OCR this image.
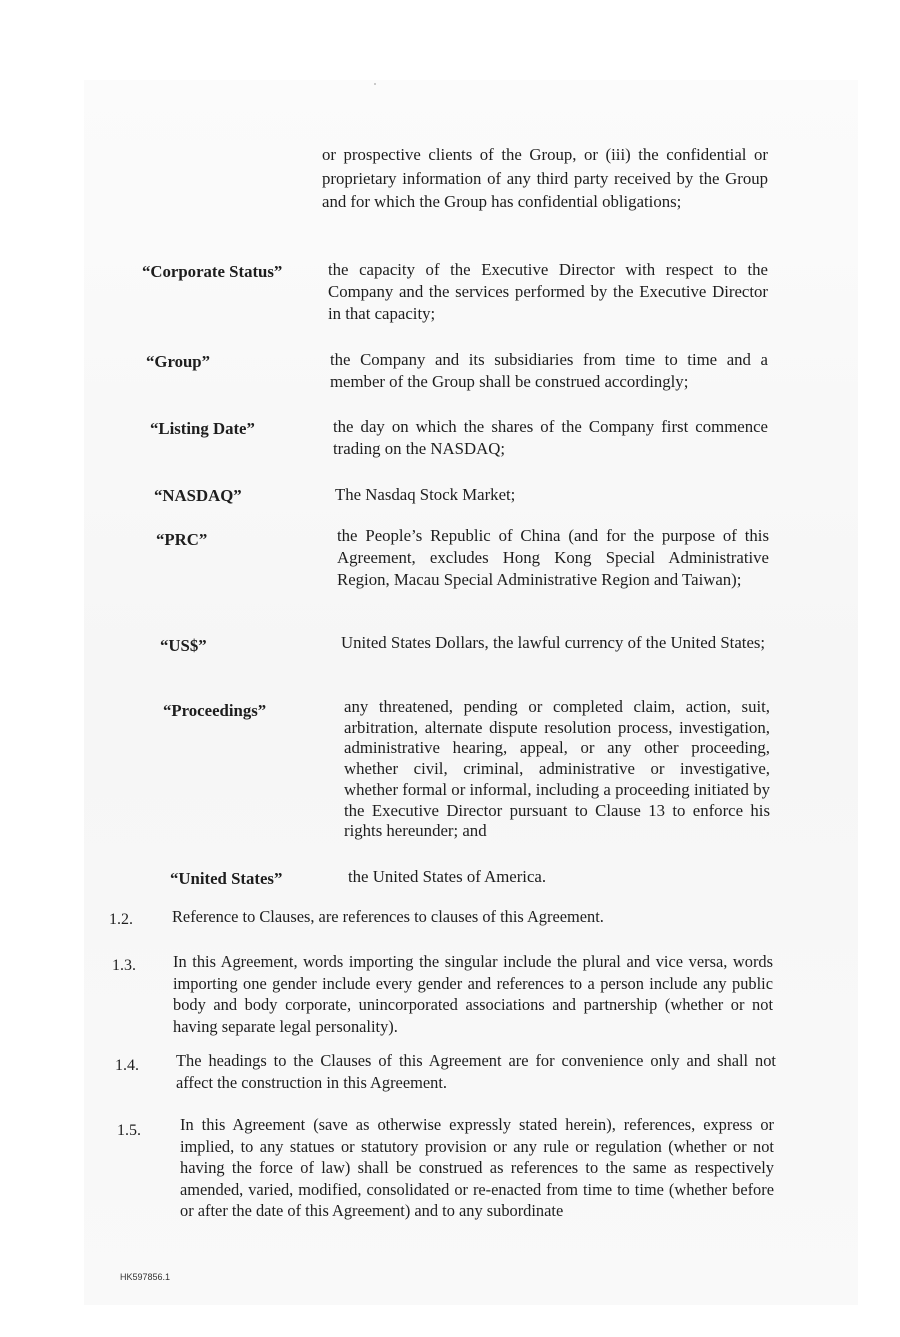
or prospective clients of the Group, or (iii) the confidential or proprietary information of any third party received by the Group and for which the Group has confidential obligations;

“Corporate Status”	the capacity of the Executive Director with respect to the Company and the services performed by the Executive Director in that capacity;
“Group”	the Company and its subsidiaries from time to time and a member of the Group shall be construed accordingly;
“Listing Date”	the day on which the shares of the Company first commence trading on the NASDAQ;
“NASDAQ”	The Nasdaq Stock Market;
“PRC”	the People’s Republic of China (and for the purpose of this Agreement, excludes Hong Kong Special Administrative Region, Macau Special Administrative Region and Taiwan);
“US$”	United States Dollars, the lawful currency of the United States;
“Proceedings”	any threatened, pending or completed claim, action, suit, arbitration, alternate dispute resolution process, investigation, administrative hearing, appeal, or any other proceeding, whether civil, criminal, administrative or investigative, whether formal or informal, including a proceeding initiated by the Executive Director pursuant to Clause 13 to enforce his rights hereunder; and
“United States”	the United States of America.
1.2. Reference to Clauses, are references to clauses of this Agreement.
1.3. In this Agreement, words importing the singular include the plural and vice versa, words importing one gender include every gender and references to a person include any public body and body corporate, unincorporated associations and partnership (whether or not having separate legal personality).
1.4. The headings to the Clauses of this Agreement are for convenience only and shall not affect the construction in this Agreement.
1.5. In this Agreement (save as otherwise expressly stated herein), references, express or implied, to any statues or statutory provision or any rule or regulation (whether or not having the force of law) shall be construed as references to the same as respectively amended, varied, modified, consolidated or re-enacted from time to time (whether before or after the date of this Agreement) and to any subordinate
HK597856.1
